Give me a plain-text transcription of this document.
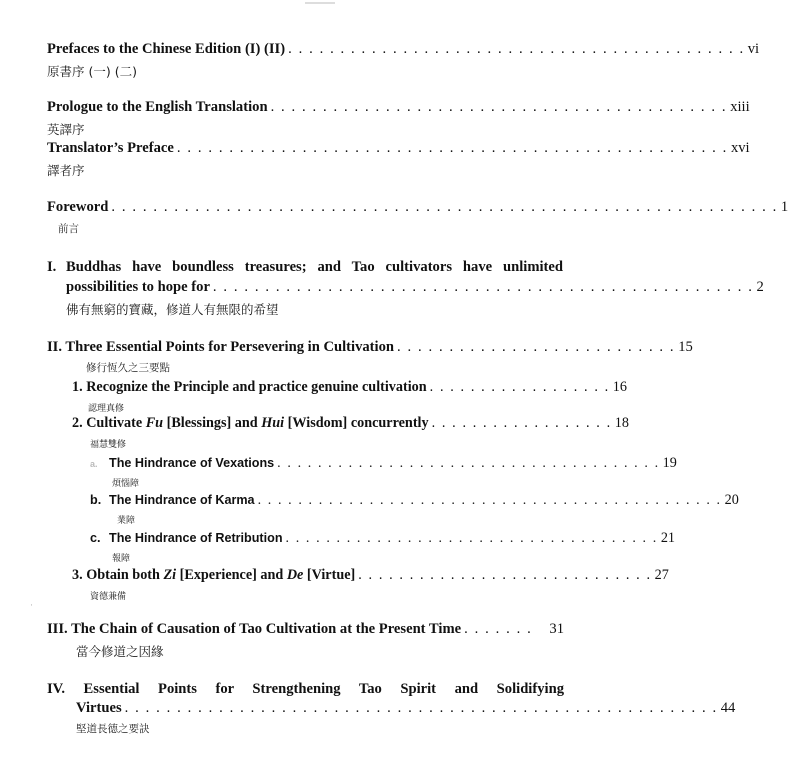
Prefaces to the Chinese Edition (I) (II) . . . . . . . . . . . . . . . . . . . . . . . . . . . . . . . . . . . . . . . . . . . . vi
原書序 (一) (二)
Prologue to the English Translation . . . . . . . . . . . . . . . . . . . . . . . . . . . . . . . . . . . . . . . . . . . . xiii
英譯序
Translator’s Preface . . . . . . . . . . . . . . . . . . . . . . . . . . . . . . . . . . . . . . . . . . . . . . . . . . . . . xvi
譯者序
Foreword . . . . . . . . . . . . . . . . . . . . . . . . . . . . . . . . . . . . . . . . . . . . . . . . . . . . . . . . . . . . . . . . 1
前言
I. Buddhas have boundless treasures; and Tao cultivators have unlimited
possibilities to hope for . . . . . . . . . . . . . . . . . . . . . . . . . . . . . . . . . . . . . . . . . . . . . . . . . . . . 2
佛有無窮的寶藏，修道人有無限的希望
II. Three Essential Points for Persevering in Cultivation . . . . . . . . . . . . . . . . . . . . . . . . . . . 15
修行恆久之三要點
1. Recognize the Principle and practice genuine cultivation . . . . . . . . . . . . . . . . . . 16
認理真修
2. Cultivate Fu [Blessings] and Hui [Wisdom] concurrently . . . . . . . . . . . . . . . . . . 18
福慧雙修
a. The Hindrance of Vexations . . . . . . . . . . . . . . . . . . . . . . . . . . . . . . . . . . . . . . 19
煩惱障
b. The Hindrance of Karma . . . . . . . . . . . . . . . . . . . . . . . . . . . . . . . . . . . . . . . . . . . . . . 20
業障
c. The Hindrance of Retribution . . . . . . . . . . . . . . . . . . . . . . . . . . . . . . . . . . . . . 21
報障
3. Obtain both Zi [Experience] and De [Virtue] . . . . . . . . . . . . . . . . . . . . . . . . . . . . . 27
資德兼備
·
III. The Chain of Causation of Tao Cultivation at the Present Time . . . . . . .	31
當今修道之因緣
IV. Essential Points for Strengthening Tao Spirit and Solidifying
Virtues . . . . . . . . . . . . . . . . . . . . . . . . . . . . . . . . . . . . . . . . . . . . . . . . . . . . . . . . . 44
堅道長德之要訣
